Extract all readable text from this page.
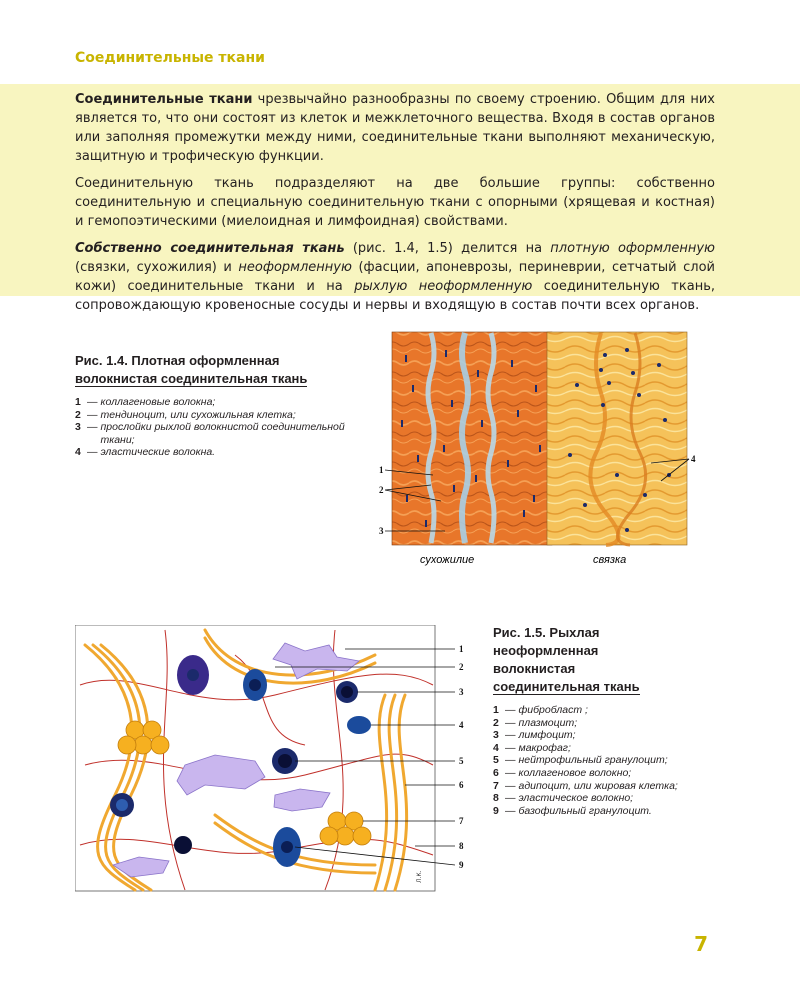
Соединительные ткани

Соединительные ткани чрезвычайно разнообразны по своему строению. Общим для них является то, что они состоят из клеток и межклеточного вещества. Входя в состав органов или заполняя промежутки между ними, соединительные ткани выполняют механическую, защитную и трофическую функции.

Соединительную ткань подразделяют на две большие группы: собственно соединительную и специальную соединительную ткани с опорными (хрящевая и костная) и гемопоэтическими (миелоидная и лимфоидная) свойствами.

Собственно соединительная ткань (рис. 1.4, 1.5) делится на плотную оформленную (связки, сухожилия) и неоформленную (фасции, апоневрозы, периневрии, сетчатый слой кожи) соединительные ткани и на рыхлую неоформленную соединительную ткань, сопровождающую кровеносные сосуды и нервы и входящую в состав почти всех органов.

Рис. 1.4. Плотная оформленная
волокнистая соединительная ткань
1 — коллагеновые волокна;
2 — тендиноцит, или сухожильная клетка;
3 — прослойки рыхлой волокнистой соединительной ткани;
4 — эластические волокна.
1
2
3
4
сухожилие	связка
Л.К.
1
2
3
4
5
6
7
8
9
Рис. 1.5. Рыхлая
неоформленная
волокнистая
соединительная ткань
1 — фибробласт ;
2 — плазмоцит;
3 — лимфоцит;
4 — макрофаг;
5 — нейтрофильный гранулоцит;
6 — коллагеновое волокно;
7 — адипоцит, или жировая клетка;
8 — эластическое волокно;
9 — базофильный гранулоцит.
7
